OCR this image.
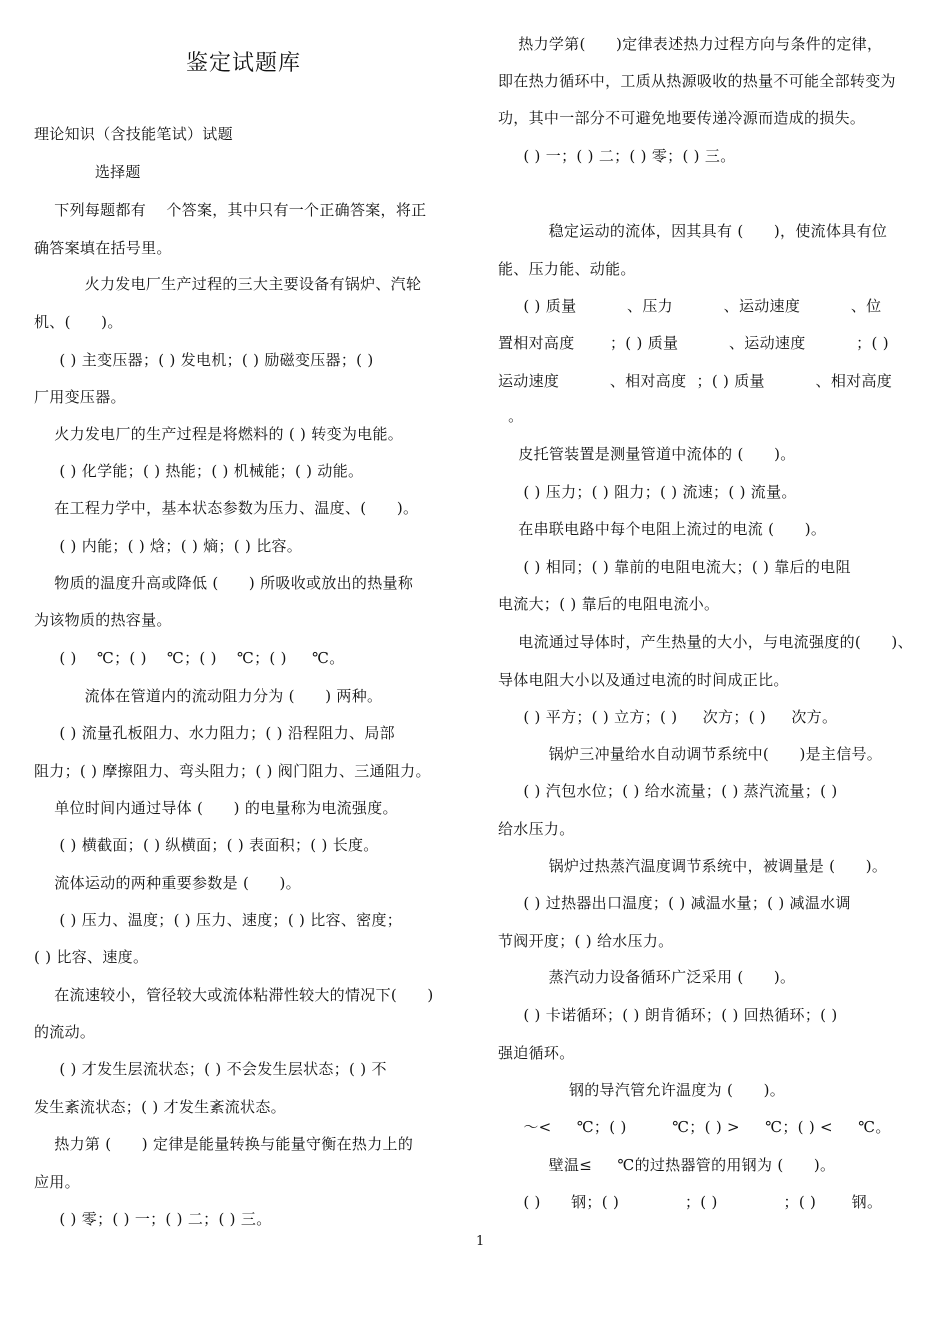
鉴定试题库
理论知识（含技能笔试）试题
选择题
下列每题都有    个答案，其中只有一个正确答案，将正
确答案填在括号里。
火力发电厂生产过程的三大主要设备有锅炉、汽轮
机、(      )。
( ) 主变压器；( ) 发电机；( ) 励磁变压器；( )
厂用变压器。
火力发电厂的生产过程是将燃料的 ( ) 转变为电能。
( ) 化学能；( ) 热能；( ) 机械能；( ) 动能。
在工程力学中，基本状态参数为压力、温度、(      )。
( ) 内能；( ) 焓；( ) 熵；( ) 比容。
物质的温度升高或降低 (      ) 所吸收或放出的热量称
为该物质的热容量。
( )    ℃；( )    ℃；( )    ℃；( )     ℃。
流体在管道内的流动阻力分为 (      ) 两种。
( ) 流量孔板阻力、水力阻力；( ) 沿程阻力、局部
阻力；( ) 摩擦阻力、弯头阻力；( ) 阀门阻力、三通阻力。
单位时间内通过导体 (      ) 的电量称为电流强度。
( ) 横截面；( ) 纵横面；( ) 表面积；( ) 长度。
流体运动的两种重要参数是 (      )。
( ) 压力、温度；( ) 压力、速度；( ) 比容、密度；
( ) 比容、速度。
在流速较小，管径较大或流体粘滞性较大的情况下(      )
的流动。
( ) 才发生层流状态；( ) 不会发生层状态；( ) 不
发生紊流状态；( ) 才发生紊流状态。
热力第 (      ) 定律是能量转换与能量守衡在热力上的
应用。
( ) 零；( ) 一；( ) 二；( ) 三。
热力学第(      )定律表述热力过程方向与条件的定律，
即在热力循环中，工质从热源吸收的热量不可能全部转变为
功，其中一部分不可避免地要传递冷源而造成的损失。
( ) 一；( ) 二；( ) 零；( ) 三。
稳定运动的流体，因其具有 (      )，使流体具有位
能、压力能、动能。
( ) 质量          、压力          、运动速度          、位
置相对高度       ；( ) 质量          、运动速度          ；( )
运动速度          、相对高度  ；( ) 质量          、相对高度
。
皮托管装置是测量管道中流体的 (      )。
( ) 压力；( ) 阻力；( ) 流速；( ) 流量。
在串联电路中每个电阻上流过的电流 (      )。
( ) 相同；( ) 靠前的电阻电流大；( ) 靠后的电阻
电流大；( ) 靠后的电阻电流小。
电流通过导体时，产生热量的大小，与电流强度的(      )、
导体电阻大小以及通过电流的时间成正比。
( ) 平方；( ) 立方；( )     次方；( )     次方。
锅炉三冲量给水自动调节系统中(      )是主信号。
( ) 汽包水位；( ) 给水流量；( ) 蒸汽流量；( )
给水压力。
锅炉过热蒸汽温度调节系统中，被调量是 (      )。
( ) 过热器出口温度；( ) 减温水量；( ) 减温水调
节阀开度；( ) 给水压力。
蒸汽动力设备循环广泛采用 (      )。
( ) 卡诺循环；( ) 朗肯循环；( ) 回热循环；( )
强迫循环。
钢的导汽管允许温度为 (      )。
～<     ℃；( )         ℃；( ) >     ℃；( ) <     ℃。
壁温≤     ℃的过热器管的用钢为 (      )。
( )      钢；( )             ；( )             ；( )       钢。
1
